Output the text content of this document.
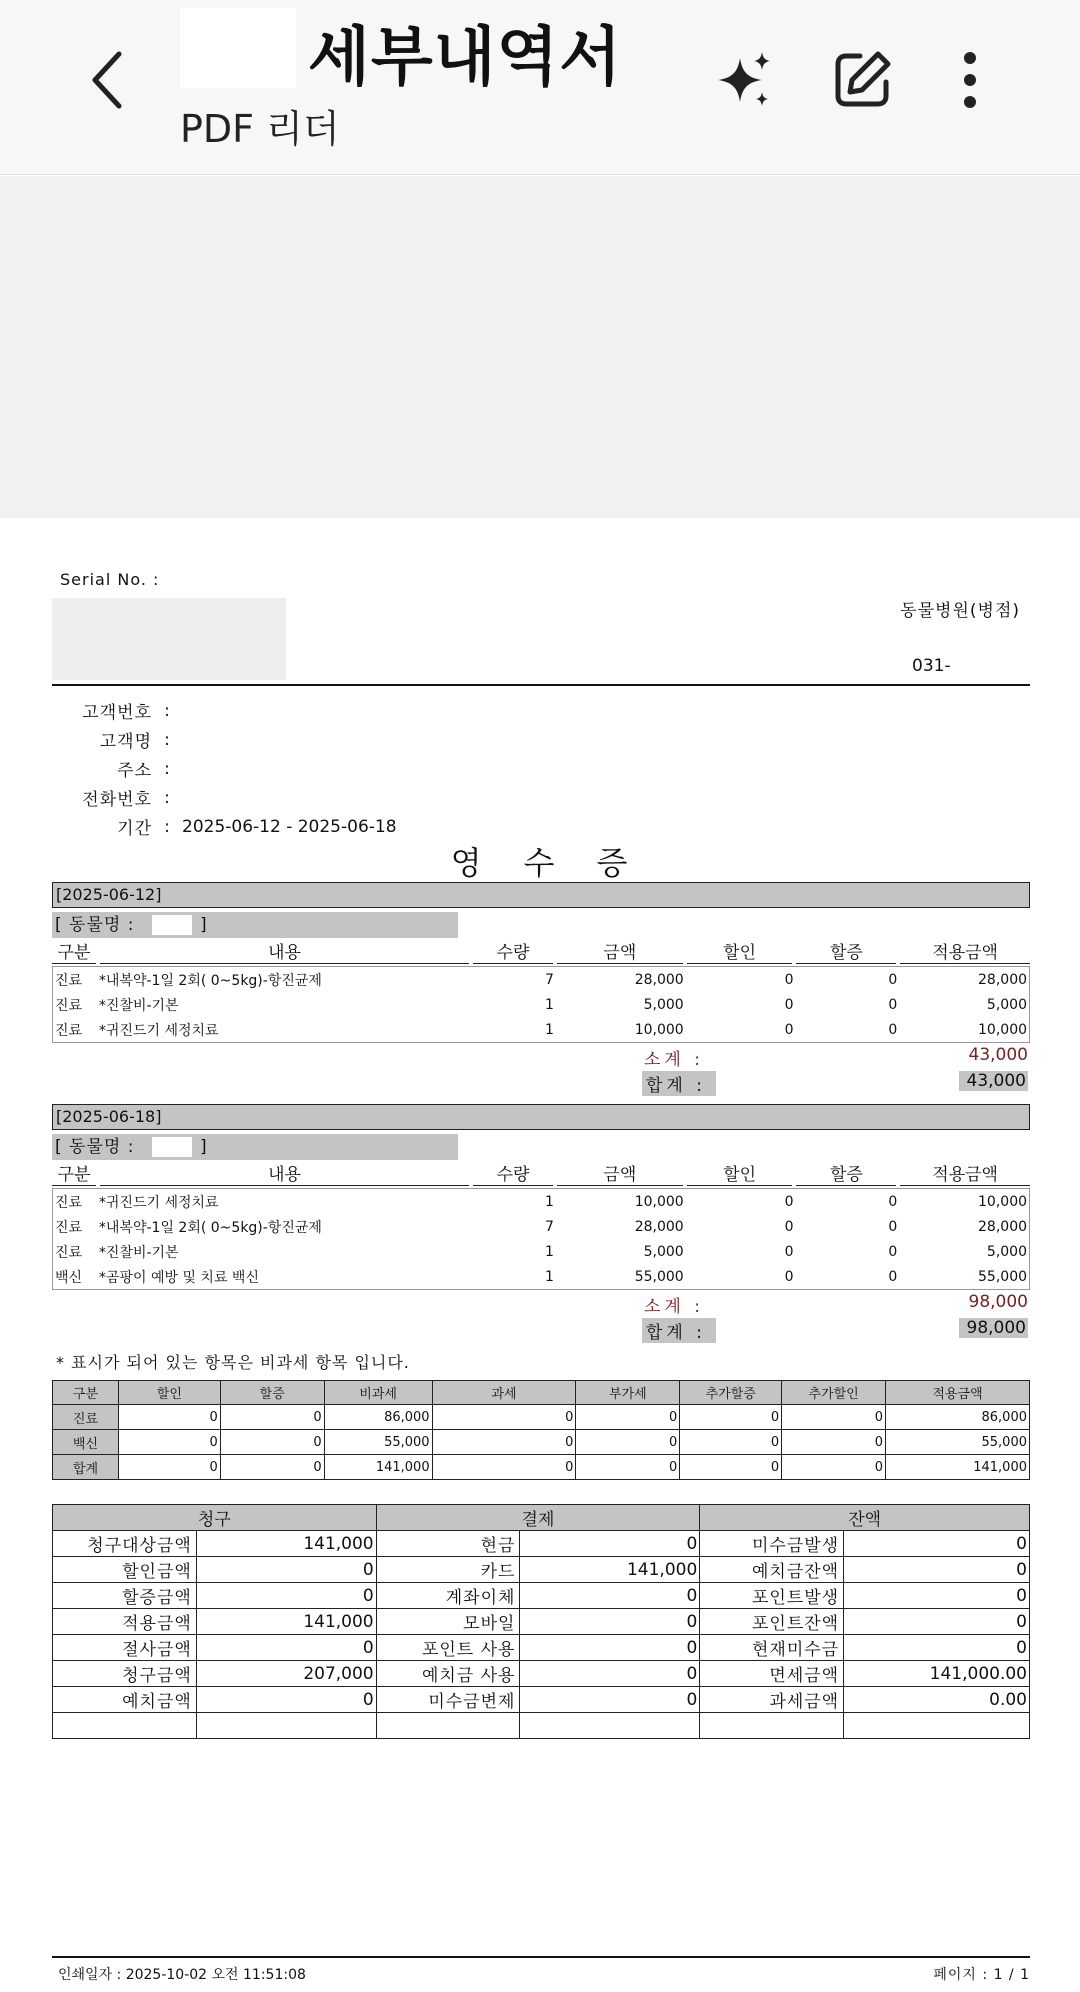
세부내역서
PDF 리더
Serial No. :
동물병원(병점)
031-
고객번호 :
고객명 :
주소 :
전화번호 :
기간 : 2025-06-12 - 2025-06-18
영수증
[2025-06-12]
[ 동물명 :	]
구분	내용	수량	금액	할인	할증	적용금액
진료	*내복약-1일 2회( 0~5kg)-항진균제	7	28,000	0	0	28,000
진료	*진찰비-기본	1	5,000	0	0	5,000
진료	*귀진드기 세정치료	1	10,000	0	0	10,000
소계 :	43,000
합계 :	43,000
[2025-06-18]
[ 동물명 :	]
구분	내용	수량	금액	할인	할증	적용금액
진료	*귀진드기 세정치료	1	10,000	0	0	10,000
진료	*내복약-1일 2회( 0~5kg)-항진균제	7	28,000	0	0	28,000
진료	*진찰비-기본	1	5,000	0	0	5,000
백신	*곰팡이 예방 및 치료 백신	1	55,000	0	0	55,000
소계 :	98,000
합계 :	98,000
* 표시가 되어 있는 항목은 비과세 항목 입니다.
구분	할인	할증	비과세	과세	부가세	추가할증	추가할인	적용금액
진료	0	0	86,000	0	0	0	0	86,000
백신	0	0	55,000	0	0	0	0	55,000
합계	0	0	141,000	0	0	0	0	141,000
청구		결제		잔액	
청구대상금액	141,000	현금	0	미수금발생	0
할인금액	0	카드	141,000	예치금잔액	0
할증금액	0	계좌이체	0	포인트발생	0
적용금액	141,000	모바일	0	포인트잔액	0
절사금액	0	포인트 사용	0	현재미수금	0
청구금액	207,000	예치금 사용	0	면세금액	141,000.00
예치금액	0	미수금변제	0	과세금액	0.00

인쇄일자 : 2025-10-02 오전 11:51:08	페이지 : 1 / 1
